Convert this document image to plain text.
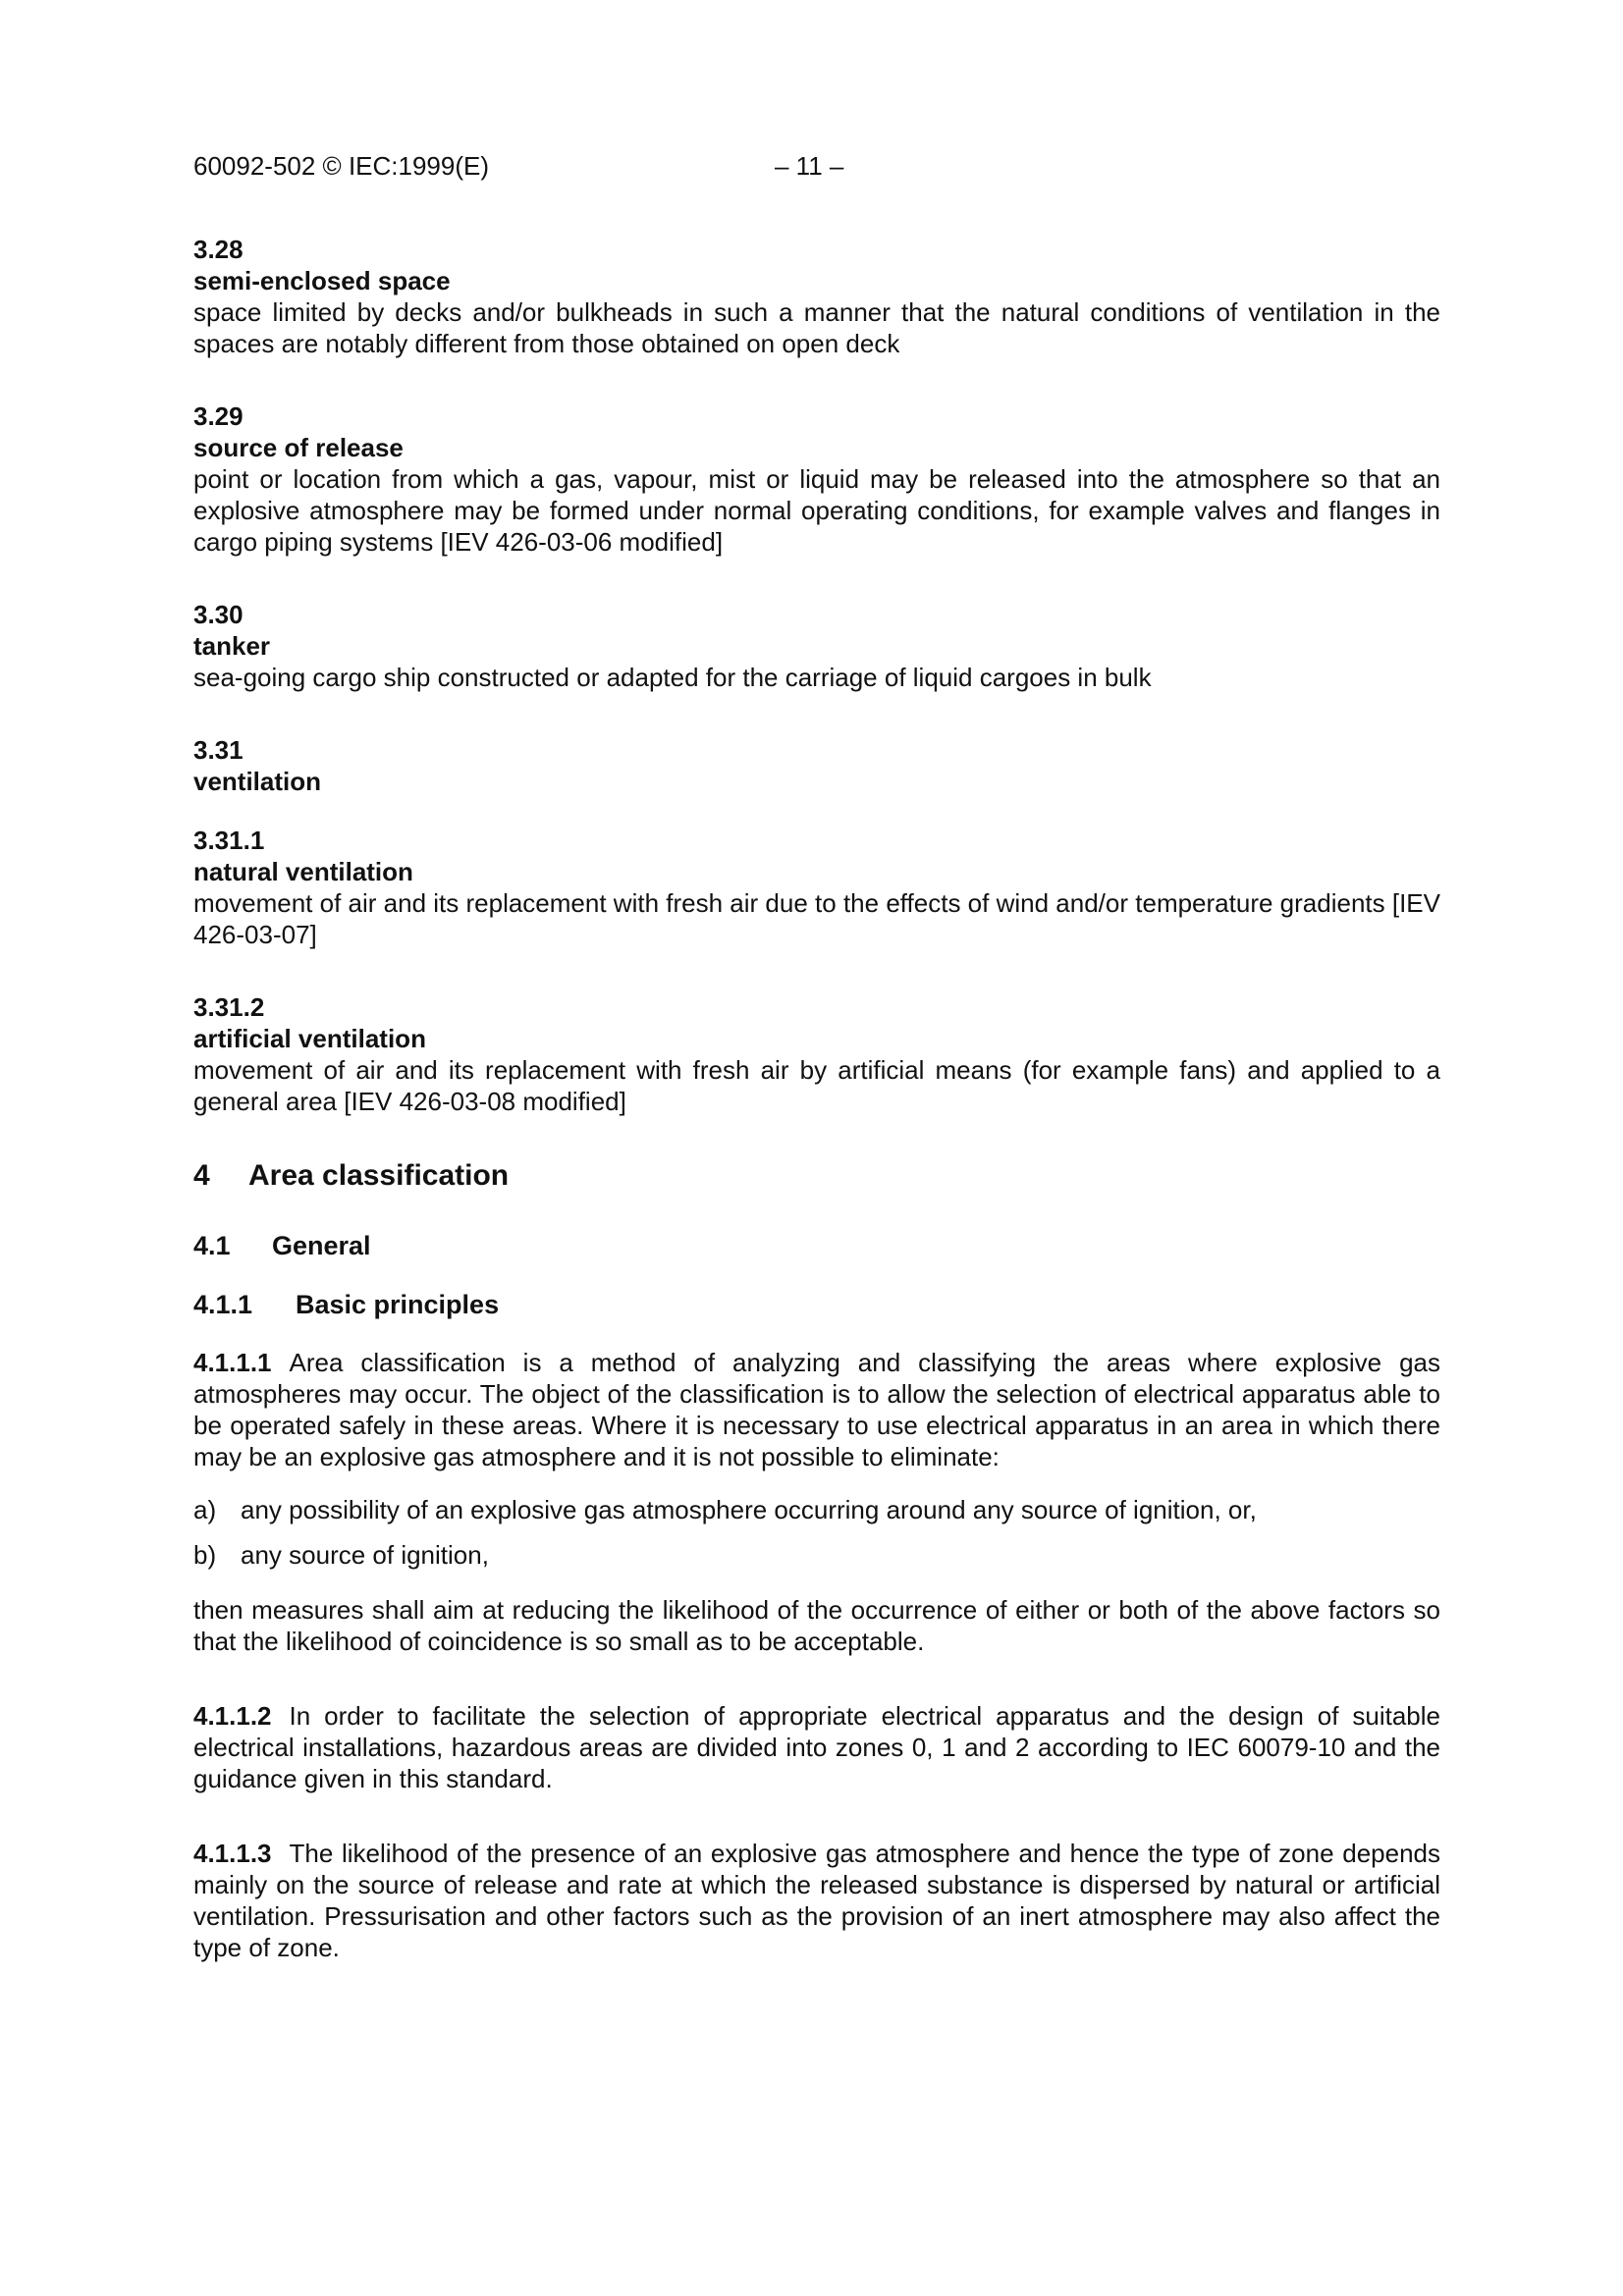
60092-502 © IEC:1999(E)	– 11 –

3.28

semi-enclosed space

space limited by decks and/or bulkheads in such a manner that the natural conditions of ventilation in the spaces are notably different from those obtained on open deck

3.29

source of release

point or location from which a gas, vapour, mist or liquid may be released into the atmosphere so that an explosive atmosphere may be formed under normal operating conditions, for example valves and flanges in cargo piping systems [IEV 426-03-06 modified]

3.30

tanker

sea-going cargo ship constructed or adapted for the carriage of liquid cargoes in bulk

3.31

ventilation

3.31.1

natural ventilation

movement of air and its replacement with fresh air due to the effects of wind and/or temperature gradients [IEV 426-03-07]

3.31.2

artificial ventilation

movement of air and its replacement with fresh air by artificial means (for example fans) and applied to a general area [IEV 426-03-08 modified]

4 Area classification
4.1 General
4.1.1 Basic principles

4.1.1.1 Area classification is a method of analyzing and classifying the areas where explosive gas atmospheres may occur. The object of the classification is to allow the selection of electrical apparatus able to be operated safely in these areas. Where it is necessary to use electrical apparatus in an area in which there may be an explosive gas atmosphere and it is not possible to eliminate:

a) any possibility of an explosive gas atmosphere occurring around any source of ignition, or,
b) any source of ignition,

then measures shall aim at reducing the likelihood of the occurrence of either or both of the above factors so that the likelihood of coincidence is so small as to be acceptable.

4.1.1.2 In order to facilitate the selection of appropriate electrical apparatus and the design of suitable electrical installations, hazardous areas are divided into zones 0, 1 and 2 according to IEC 60079-10 and the guidance given in this standard.

4.1.1.3 The likelihood of the presence of an explosive gas atmosphere and hence the type of zone depends mainly on the source of release and rate at which the released substance is dispersed by natural or artificial ventilation. Pressurisation and other factors such as the provision of an inert atmosphere may also affect the type of zone.
